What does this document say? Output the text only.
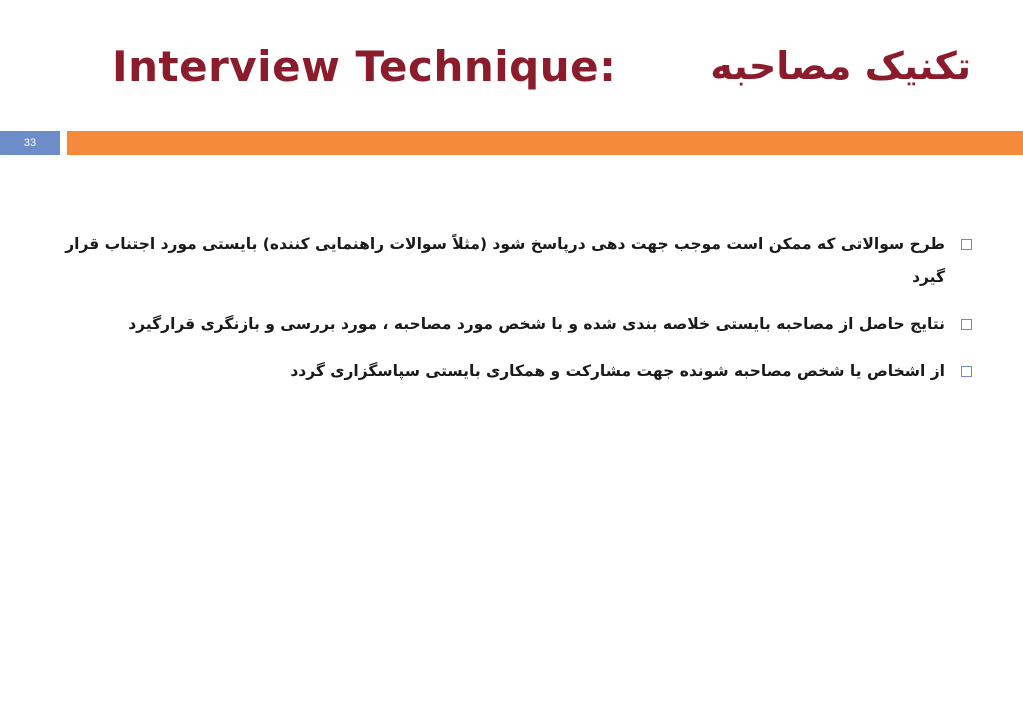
Interview Technique: تکنیک مصاحبه
33
طرح سوالاتی که ممکن است موجب جهت دهی درپاسخ شود (مثلاً سوالات راهنمایی کننده) بایستی مورد اجتناب قرار گیرد
نتایج حاصل از مصاحبه بایستی خلاصه بندی شده و با شخص مورد مصاحبه ، مورد بررسی و بازنگری قرارگیرد
از اشخاص یا شخص مصاحبه شونده جهت مشارکت و همکاری بایستی سپاسگزاری گردد
